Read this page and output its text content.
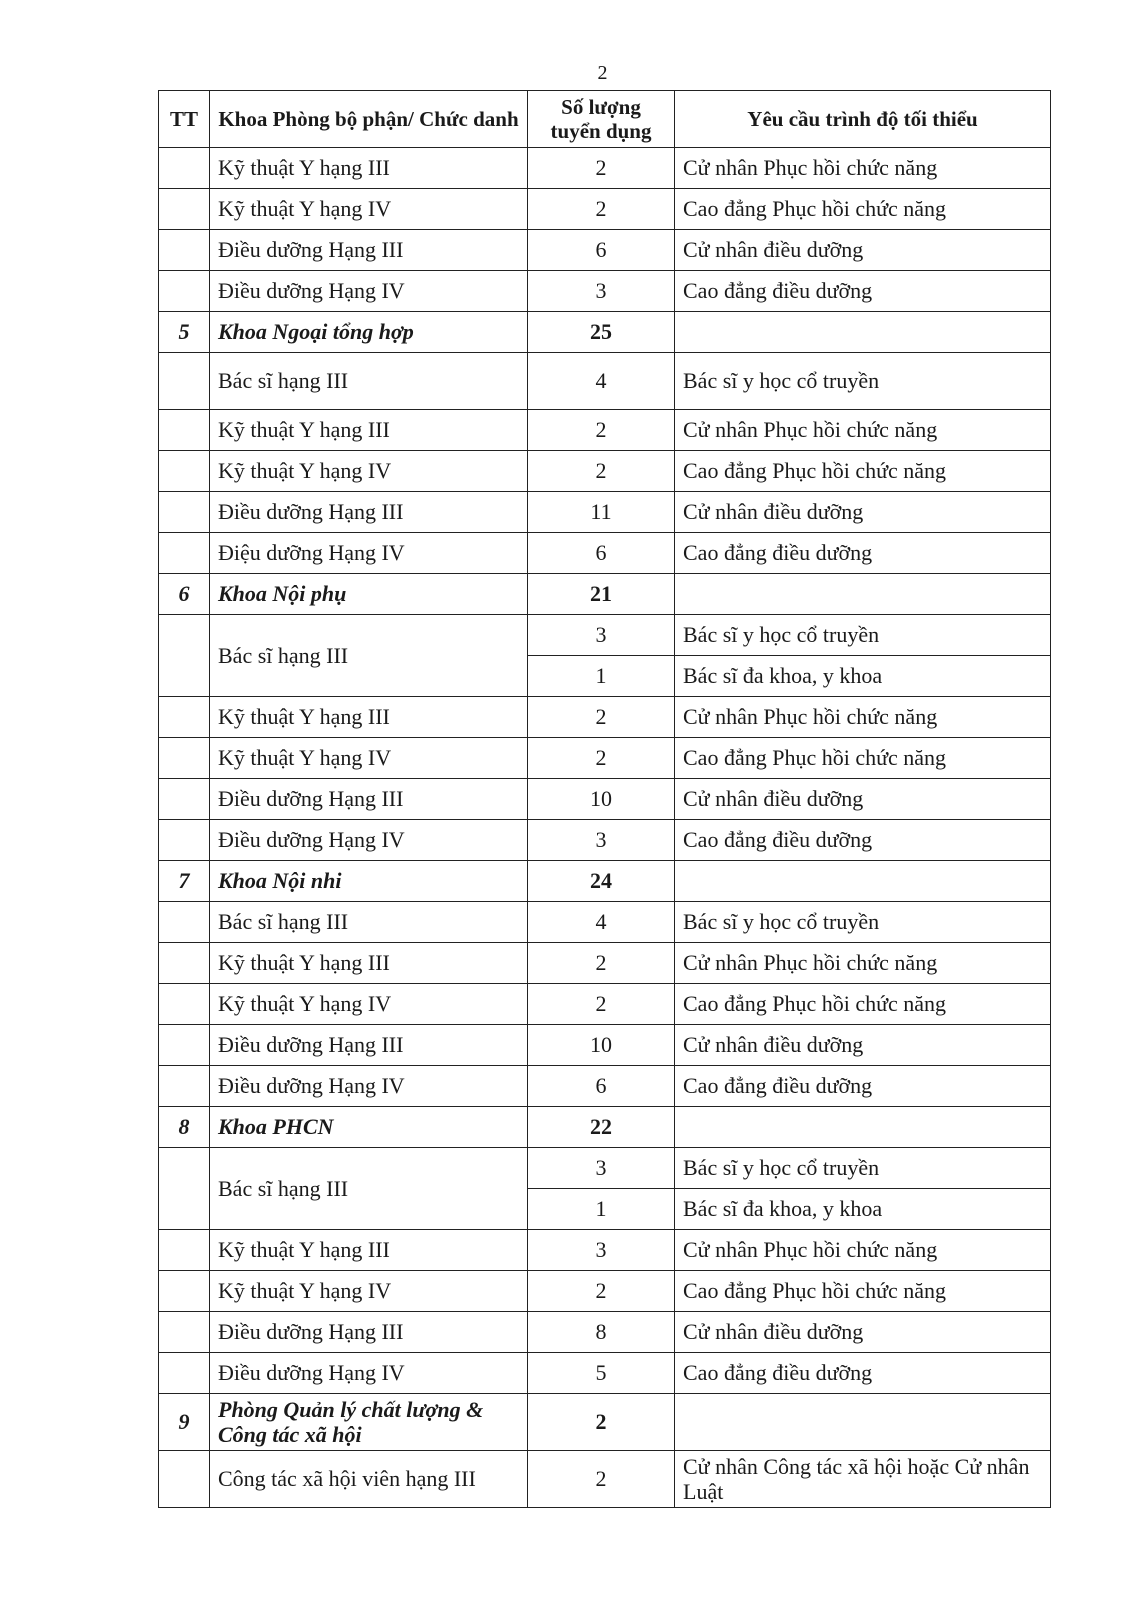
2
TT	Khoa Phòng bộ phận/ Chức danh	Số lượng tuyển dụng	Yêu cầu trình độ tối thiểu
	Kỹ thuật Y hạng III	2	Cử nhân Phục hồi chức năng
	Kỹ thuật Y hạng IV	2	Cao đẳng Phục hồi chức năng
	Điều dưỡng Hạng III	6	Cử nhân điều dưỡng
	Điều dưỡng Hạng IV	3	Cao đẳng điều dưỡng
5	Khoa Ngoại tổng hợp	25	
	Bác sĩ hạng III	4	Bác sĩ y học cổ truyền
	Kỹ thuật Y hạng III	2	Cử nhân Phục hồi chức năng
	Kỹ thuật Y hạng IV	2	Cao đẳng Phục hồi chức năng
	Điều dưỡng Hạng III	11	Cử nhân điều dưỡng
	Điệu dưỡng Hạng IV	6	Cao đẳng điều dưỡng
6	Khoa Nội phụ	21	
	Bác sĩ hạng III	3	Bác sĩ y học cổ truyền
		1	Bác sĩ đa khoa, y khoa
	Kỹ thuật Y hạng III	2	Cử nhân Phục hồi chức năng
	Kỹ thuật Y hạng IV	2	Cao đẳng Phục hồi chức năng
	Điều dưỡng Hạng III	10	Cử nhân điều dưỡng
	Điều dưỡng Hạng IV	3	Cao đẳng điều dưỡng
7	Khoa Nội nhi	24	
	Bác sĩ hạng III	4	Bác sĩ y học cổ truyền
	Kỹ thuật Y hạng III	2	Cử nhân Phục hồi chức năng
	Kỹ thuật Y hạng IV	2	Cao đẳng Phục hồi chức năng
	Điều dưỡng Hạng III	10	Cử nhân điều dưỡng
	Điều dưỡng Hạng IV	6	Cao đẳng điều dưỡng
8	Khoa PHCN	22	
	Bác sĩ hạng III	3	Bác sĩ y học cổ truyền
		1	Bác sĩ đa khoa, y khoa
	Kỹ thuật Y hạng III	3	Cử nhân Phục hồi chức năng
	Kỹ thuật Y hạng IV	2	Cao đẳng Phục hồi chức năng
	Điều dưỡng Hạng III	8	Cử nhân điều dưỡng
	Điều dưỡng Hạng IV	5	Cao đẳng điều dưỡng
9	Phòng Quản lý chất lượng & Công tác xã hội	2	
	Công tác xã hội viên hạng III	2	Cử nhân Công tác xã hội hoặc Cử nhân Luật
